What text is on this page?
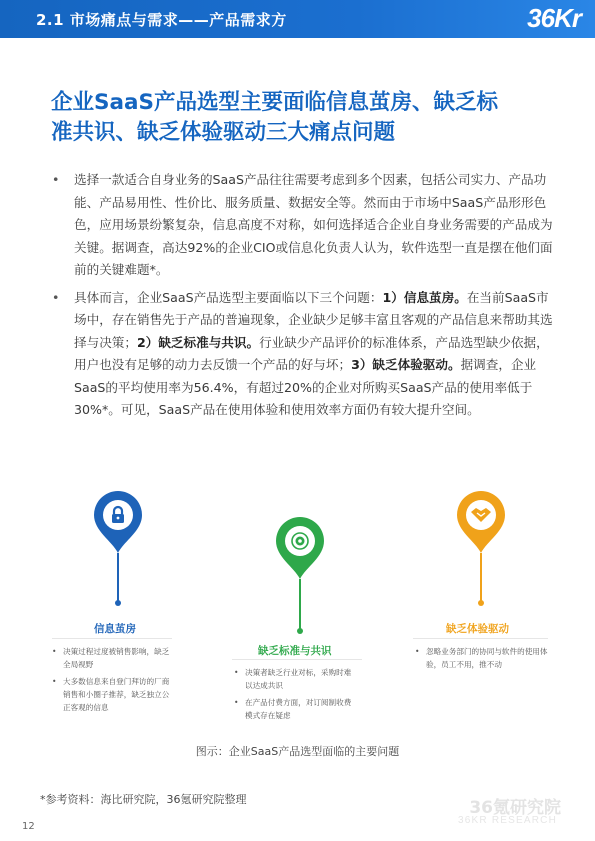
2.1 市场痛点与需求——产品需求方	36Kr
企业SaaS产品选型主要面临信息茧房、缺乏标
准共识、缺乏体验驱动三大痛点问题
• 选择一款适合自身业务的SaaS产品往往需要考虑到多个因素，包括公司实力、产品功能、产品易用性、性价比、服务质量、数据安全等。然而由于市场中SaaS产品形形色色，应用场景纷繁复杂，信息高度不对称，如何选择适合企业自身业务需要的产品成为关键。据调查，高达92%的企业CIO或信息化负责人认为，软件选型一直是摆在他们面前的关键难题*。
• 具体而言，企业SaaS产品选型主要面临以下三个问题：1）信息茧房。在当前SaaS市场中，存在销售先于产品的普遍现象，企业缺少足够丰富且客观的产品信息来帮助其选择与决策；2）缺乏标准与共识。行业缺少产品评价的标准体系，产品选型缺少依据，用户也没有足够的动力去反馈一个产品的好与坏；3）缺乏体验驱动。据调查，企业SaaS的平均使用率为56.4%，有超过20%的企业对所购买SaaS产品的使用率低于30%*。可见，SaaS产品在使用体验和使用效率方面仍有较大提升空间。
信息茧房
• 决策过程过度被销售影响，缺乏全局视野
• 大多数信息来自登门拜访的厂商销售和小圈子推荐，缺乏独立公正客观的信息
缺乏标准与共识
• 决策者缺乏行业对标，采购时难以达成共识
• 在产品付费方面，对订阅制收费模式存在疑虑
缺乏体验驱动
• 忽略业务部门的协同与软件的使用体验，员工不用，推不动
图示：企业SaaS产品选型面临的主要问题
*参考资料：海比研究院，36氪研究院整理
12
36氪研究院
36KR RESEARCH
